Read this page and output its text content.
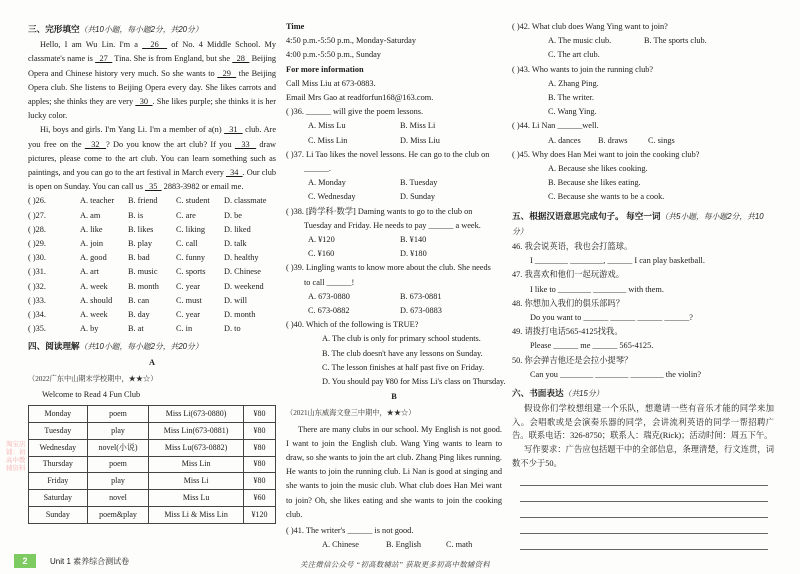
三、完形填空（共10小题，每小题2分，共20分）

Hello, I am Wu Lin. I'm a   26   of No. 4 Middle School. My classmate's name is   27   Tina. She is from England, but she   28   Beijing Opera and Chinese history very much. So she wants to   29   the Beijing Opera club. She listens to Beijing Opera every day. She likes carrots and apples; she thinks they are very   30  . She likes purple; she thinks it is her lucky color.

Hi, boys and girls. I'm Yang Li. I'm a member of a(n)   31   club. Are you free on the   32  ? Do you know the art club? If you   33   draw pictures, please come to the art club. You can learn something such as paintings, and you can go to the art festival in March every   34  . Our club is open on Sunday. You can call us   35   2883-3982 or email me.

( )26.	A. teacher	B. friend	C. student	D. classmate
( )27.	A. am	B. is	C. are	D. be
( )28.	A. like	B. likes	C. liking	D. liked
( )29.	A. join	B. play	C. call	D. talk
( )30.	A. good	B. bad	C. funny	D. healthy
( )31.	A. art	B. music	C. sports	D. Chinese
( )32.	A. week	B. month	C. year	D. weekend
( )33.	A. should	B. can	C. must	D. will
( )34.	A. week	B. day	C. year	D. month
( )35.	A. by	B. at	C. in	D. to
四、阅读理解（共10小题，每小题2分，共20分）
A
（2022广东中山期末学校期中，★★☆）
Welcome to Read 4 Fun Club
Monday	poem	Miss Li(673-0880)	¥80
Tuesday	play	Miss Lin(673-0881)	¥80
Wednesday	novel(小说)	Miss Lu(673-0882)	¥80
Thursday	poem	Miss Lin	¥80
Friday	play	Miss Li	¥80
Saturday	novel	Miss Lu	¥60
Sunday	poem&play	Miss Li & Miss Lin	¥120
Time
4:50 p.m.-5:50 p.m., Monday-Saturday
4:00 p.m.-5:50 p.m., Sunday
For more information
Call Miss Liu at 673-0883.
Email Mrs Gao at readforfun168@163.com.
( )36. ______ will give the poem lessons.
A. Miss Lu	B. Miss Li
C. Miss Lin	D. Miss Liu
( )37. Li Tao likes the novel lessons. He can go to the club on
______.
A. Monday	B. Tuesday
C. Wednesday	D. Sunday
( )38. [跨学科·数学] Daming wants to go to the club on
Tuesday and Friday. He needs to pay ______ a week.
A. ¥120	B. ¥140
C. ¥160	D. ¥180
( )39. Lingling wants to know more about the club. She needs
to call ______!
A. 673-0880	B. 673-0881
C. 673-0882	D. 673-0883
( )40. Which of the following is TRUE?
A. The club is only for primary school students.
B. The club doesn't have any lessons on Sunday.
C. The lesson finishes at half past five on Friday.
D. You should pay ¥80 for Miss Li's class on Thursday.
B
（2021山东威海文登三中期中，★★☆）

There are many clubs in our school. My English is not good. I want to join the English club. Wang Ying wants to learn to draw, so she wants to join the art club. Zhang Ping likes running. He wants to join the running club. Li Nan is good at singing and she wants to join the music club. What club does Han Mei want to join? Oh, she likes eating and she wants to join the cooking club.

( )41. The writer's ______ is not good.
A. Chinese	B. English	C. math
( )42. What club does Wang Ying want to join?
A. The music club.	B. The sports club.
C. The art club.
( )43. Who wants to join the running club?
A. Zhang Ping.
B. The writer.
C. Wang Ying.
( )44. Li Nan ______well.
A. dances	B. draws	C. sings
( )45. Why does Han Mei want to join the cooking club?
A. Because she likes cooking.
B. Because she likes eating.
C. Because she wants to be a cook.
五、根据汉语意思完成句子。 每空一词（共5小题，每小题2分，共10分）
46. 我会说英语，我也会打篮球。
I ________ ________, ______ I can play basketball.
47. 我喜欢和他们一起玩游戏。
I like to ________ ________ with them.
48. 你想加入我们的俱乐部吗？
Do you want to ______ ______ ______ ______?
49. 请拨打电话565-4125找我。
Please ______ me ______ 565-4125.
50. 你会弹吉他还是会拉小提琴？
Can you ________ ________ ________ the violin?
六、书面表达（共15分）

假设你们学校想组建一个乐队，想邀请一些有音乐才能的同学来加入。会唱歌或是会演奏乐器的同学，会讲流利英语的同学一帮招聘广告。联系电话：326-8750；联系人：瑞克(Rick)；活动时间：周五下午。

写作要求：广告应包括题干中的全部信息，条理清楚，行文连贯，词数不少于50。

淘宝店铺：初高中教辅资料
2	Unit 1 素养综合测试卷	关注微信公众号 “初高数辅站” 获取更多初高中数辅资料
